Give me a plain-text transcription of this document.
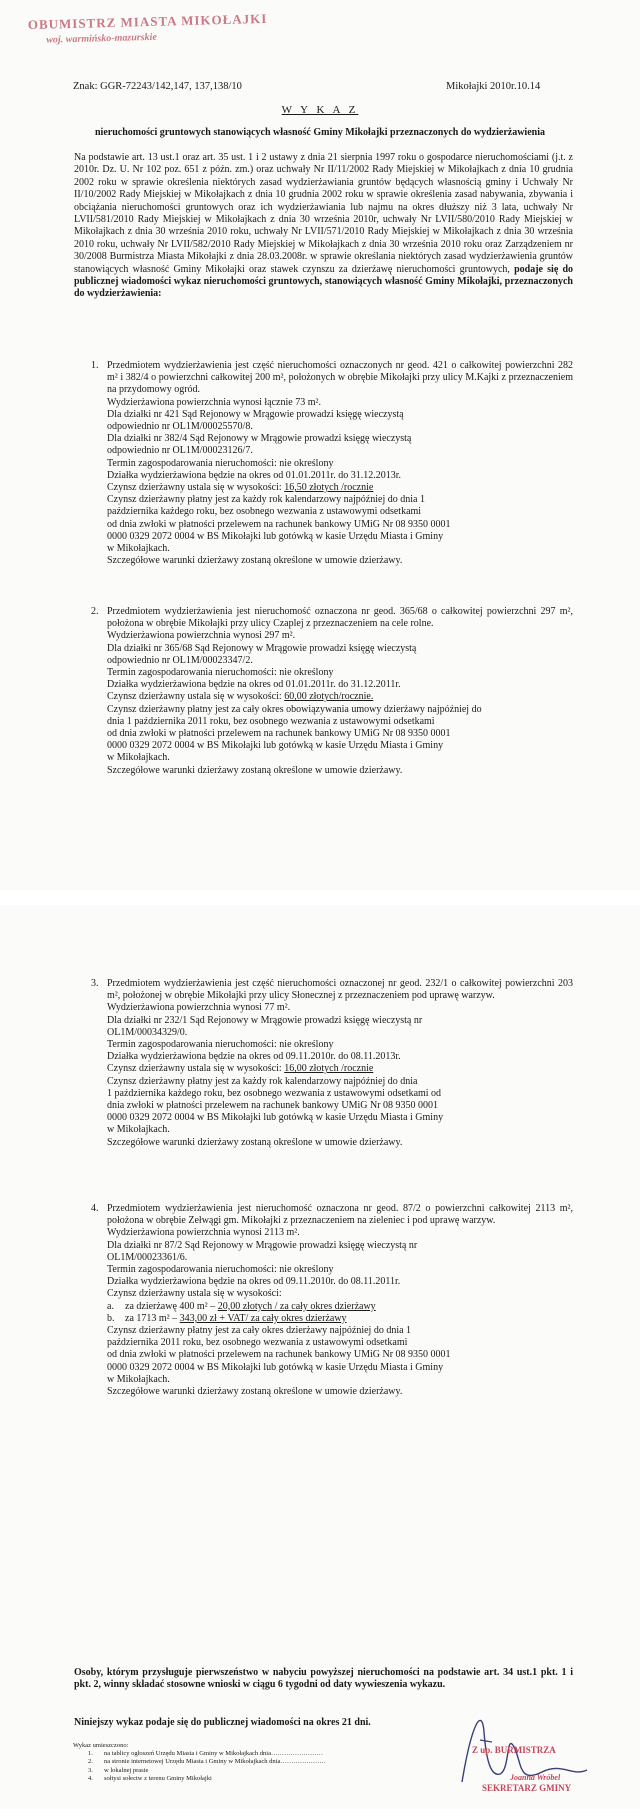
OBUMISTRZ MIASTA MIKOŁAJKI
woj. warmińsko-mazurskie
Znak: GGR-72243/142,147, 137,138/10	Mikołajki 2010r.10.14
W Y K A Z
nieruchomości gruntowych stanowiących własność Gminy Mikołajki przeznaczonych do wydzierżawienia

Na podstawie art. 13 ust.1 oraz art. 35 ust. 1 i 2 ustawy z dnia 21 sierpnia 1997 roku o gospodarce nieruchomościami (j.t. z 2010r. Dz. U. Nr 102 poz. 651 z późn. zm.) oraz uchwały Nr II/11/2002 Rady Miejskiej w Mikołajkach z dnia 10 grudnia 2002 roku w sprawie określenia niektórych zasad wydzierżawiania gruntów będących własnością gminy i Uchwały Nr II/10/2002 Rady Miejskiej w Mikołajkach z dnia 10 grudnia 2002 roku w sprawie określenia zasad nabywania, zbywania i obciążania nieruchomości gruntowych oraz ich wydzierżawiania lub najmu na okres dłuższy niż 3 lata, uchwały Nr LVII/581/2010 Rady Miejskiej w Mikołajkach z dnia 30 września 2010r, uchwały Nr LVII/580/2010 Rady Miejskiej w Mikołajkach z dnia 30 września 2010 roku, uchwały Nr LVII/571/2010 Rady Miejskiej w Mikołajkach z dnia 30 września 2010 roku, uchwały Nr LVII/582/2010 Rady Miejskiej w Mikołajkach z dnia 30 września 2010 roku oraz Zarządzeniem nr 30/2008 Burmistrza Miasta Mikołajki z dnia 28.03.2008r. w sprawie określania niektórych zasad wydzierżawienia gruntów stanowiących własność Gminy Mikołajki oraz stawek czynszu za dzierżawę nieruchomości gruntowych, podaje się do publicznej wiadomości wykaz nieruchomości gruntowych, stanowiących własność Gminy Mikołajki, przeznaczonych do wydzierżawienia:

1. Przedmiotem wydzierżawienia jest część nieruchomości oznaczonych nr geod. 421 o całkowitej powierzchni 282 m² i 382/4 o powierzchni całkowitej 200 m², położonych w obrębie Mikołajki przy ulicy M.Kajki z przeznaczeniem na przydomowy ogród.

Wydzierżawiona powierzchnia wynosi łącznie 73 m².

Dla działki nr 421 Sąd Rejonowy w Mrągowie prowadzi księgę wieczystą

odpowiednio nr OL1M/00025570/8.

Dla działki nr 382/4 Sąd Rejonowy w Mrągowie prowadzi księgę wieczystą

odpowiednio nr OL1M/00023126/7.

Termin zagospodarowania nieruchomości: nie określony

Działka wydzierżawiona będzie na okres od 01.01.2011r. do 31.12.2013r.

Czynsz dzierżawny ustala się w wysokości: 16,50 złotych /rocznie

Czynsz dzierżawny płatny jest za każdy rok kalendarzowy najpóźniej do dnia 1

października każdego roku, bez osobnego wezwania z ustawowymi odsetkami

od dnia zwłoki w płatności przelewem na rachunek bankowy UMiG Nr 08 9350 0001

0000 0329 2072 0004 w BS Mikołajki lub gotówką w kasie Urzędu Miasta i Gminy

w Mikołajkach.

Szczegółowe warunki dzierżawy zostaną określone w umowie dzierżawy.

2. Przedmiotem wydzierżawienia jest nieruchomość oznaczona nr geod. 365/68 o całkowitej powierzchni 297 m², położona w obrębie Mikołajki przy ulicy Czaplej z przeznaczeniem na cele rolne.

Wydzierżawiona powierzchnia wynosi 297 m².

Dla działki nr 365/68 Sąd Rejonowy w Mrągowie prowadzi księgę wieczystą

odpowiednio nr OL1M/00023347/2.

Termin zagospodarowania nieruchomości: nie określony

Działka wydzierżawiona będzie na okres od 01.01.2011r. do 31.12.2011r.

Czynsz dzierżawny ustala się w wysokości: 60,00 złotych/rocznie.

Czynsz dzierżawny płatny jest za cały okres obowiązywania umowy dzierżawy najpóźniej do

dnia 1 października 2011 roku, bez osobnego wezwania z ustawowymi odsetkami

od dnia zwłoki w płatności przelewem na rachunek bankowy UMiG Nr 08 9350 0001

0000 0329 2072 0004 w BS Mikołajki lub gotówką w kasie Urzędu Miasta i Gminy

w Mikołajkach.

Szczegółowe warunki dzierżawy zostaną określone w umowie dzierżawy.

3. Przedmiotem wydzierżawienia jest część nieruchomości oznaczonej nr geod. 232/1 o całkowitej powierzchni 203 m², położonej w obrębie Mikołajki przy ulicy Słonecznej z przeznaczeniem pod uprawę warzyw.

Wydzierżawiona powierzchnia wynosi 77 m².

Dla działki nr 232/1 Sąd Rejonowy w Mrągowie prowadzi księgę wieczystą nr

OL1M/00034329/0.

Termin zagospodarowania nieruchomości: nie określony

Działka wydzierżawiona będzie na okres od 09.11.2010r. do 08.11.2013r.

Czynsz dzierżawny ustala się w wysokości: 16,00 złotych /rocznie

Czynsz dzierżawny płatny jest za każdy rok kalendarzowy najpóźniej do dnia

1 października każdego roku, bez osobnego wezwania z ustawowymi odsetkami od

dnia zwłoki w płatności przelewem na rachunek bankowy UMiG Nr 08 9350 0001

0000 0329 2072 0004 w BS Mikołajki lub gotówką w kasie Urzędu Miasta i Gminy

w Mikołajkach.

Szczegółowe warunki dzierżawy zostaną określone w umowie dzierżawy.

4. Przedmiotem wydzierżawienia jest nieruchomość oznaczona nr geod. 87/2 o powierzchni całkowitej 2113 m², położona w obrębie Zełwągi gm. Mikołajki z przeznaczeniem na zieleniec i pod uprawę warzyw.

Wydzierżawiona powierzchnia wynosi 2113 m².

Dla działki nr 87/2 Sąd Rejonowy w Mrągowie prowadzi księgę wieczystą nr

OL1M/00023361/6.

Termin zagospodarowania nieruchomości: nie określony

Działka wydzierżawiona będzie na okres od 09.11.2010r. do 08.11.2011r.

Czynsz dzierżawny ustala się w wysokości:

a. za dzierżawę 400 m² – 20,00 złotych / za cały okres dzierżawy

b. za 1713 m² – 343,00 zł + VAT/ za cały okres dzierżawy

Czynsz dzierżawny płatny jest za cały okres dzierżawy najpóźniej do dnia 1

października 2011 roku, bez osobnego wezwania z ustawowymi odsetkami

od dnia zwłoki w płatności przelewem na rachunek bankowy UMiG Nr 08 9350 0001

0000 0329 2072 0004 w BS Mikołajki lub gotówką w kasie Urzędu Miasta i Gminy

w Mikołajkach.

Szczegółowe warunki dzierżawy zostaną określone w umowie dzierżawy.

Osoby, którym przysługuje pierwszeństwo w nabyciu powyższej nieruchomości na podstawie art. 34 ust.1 pkt. 1 i pkt. 2, winny składać stosowne wnioski w ciągu 6 tygodni od daty wywieszenia wykazu.

Niniejszy wykaz podaje się do publicznej wiadomości na okres 21 dni.
Wykaz umieszczono:
1. na tablicy ogłoszeń Urzędu Miasta i Gminy w Mikołajkach dnia……………………
2. na stronie internetowej Urzędu Miasta i Gminy w Mikołajkach dnia…………………
3. w lokalnej prasie
4. sołtysi sołectw z terenu Gminy Mikołajki
Z up. BURMISTRZA
Joanna Wróbel
SEKRETARZ GMINY
